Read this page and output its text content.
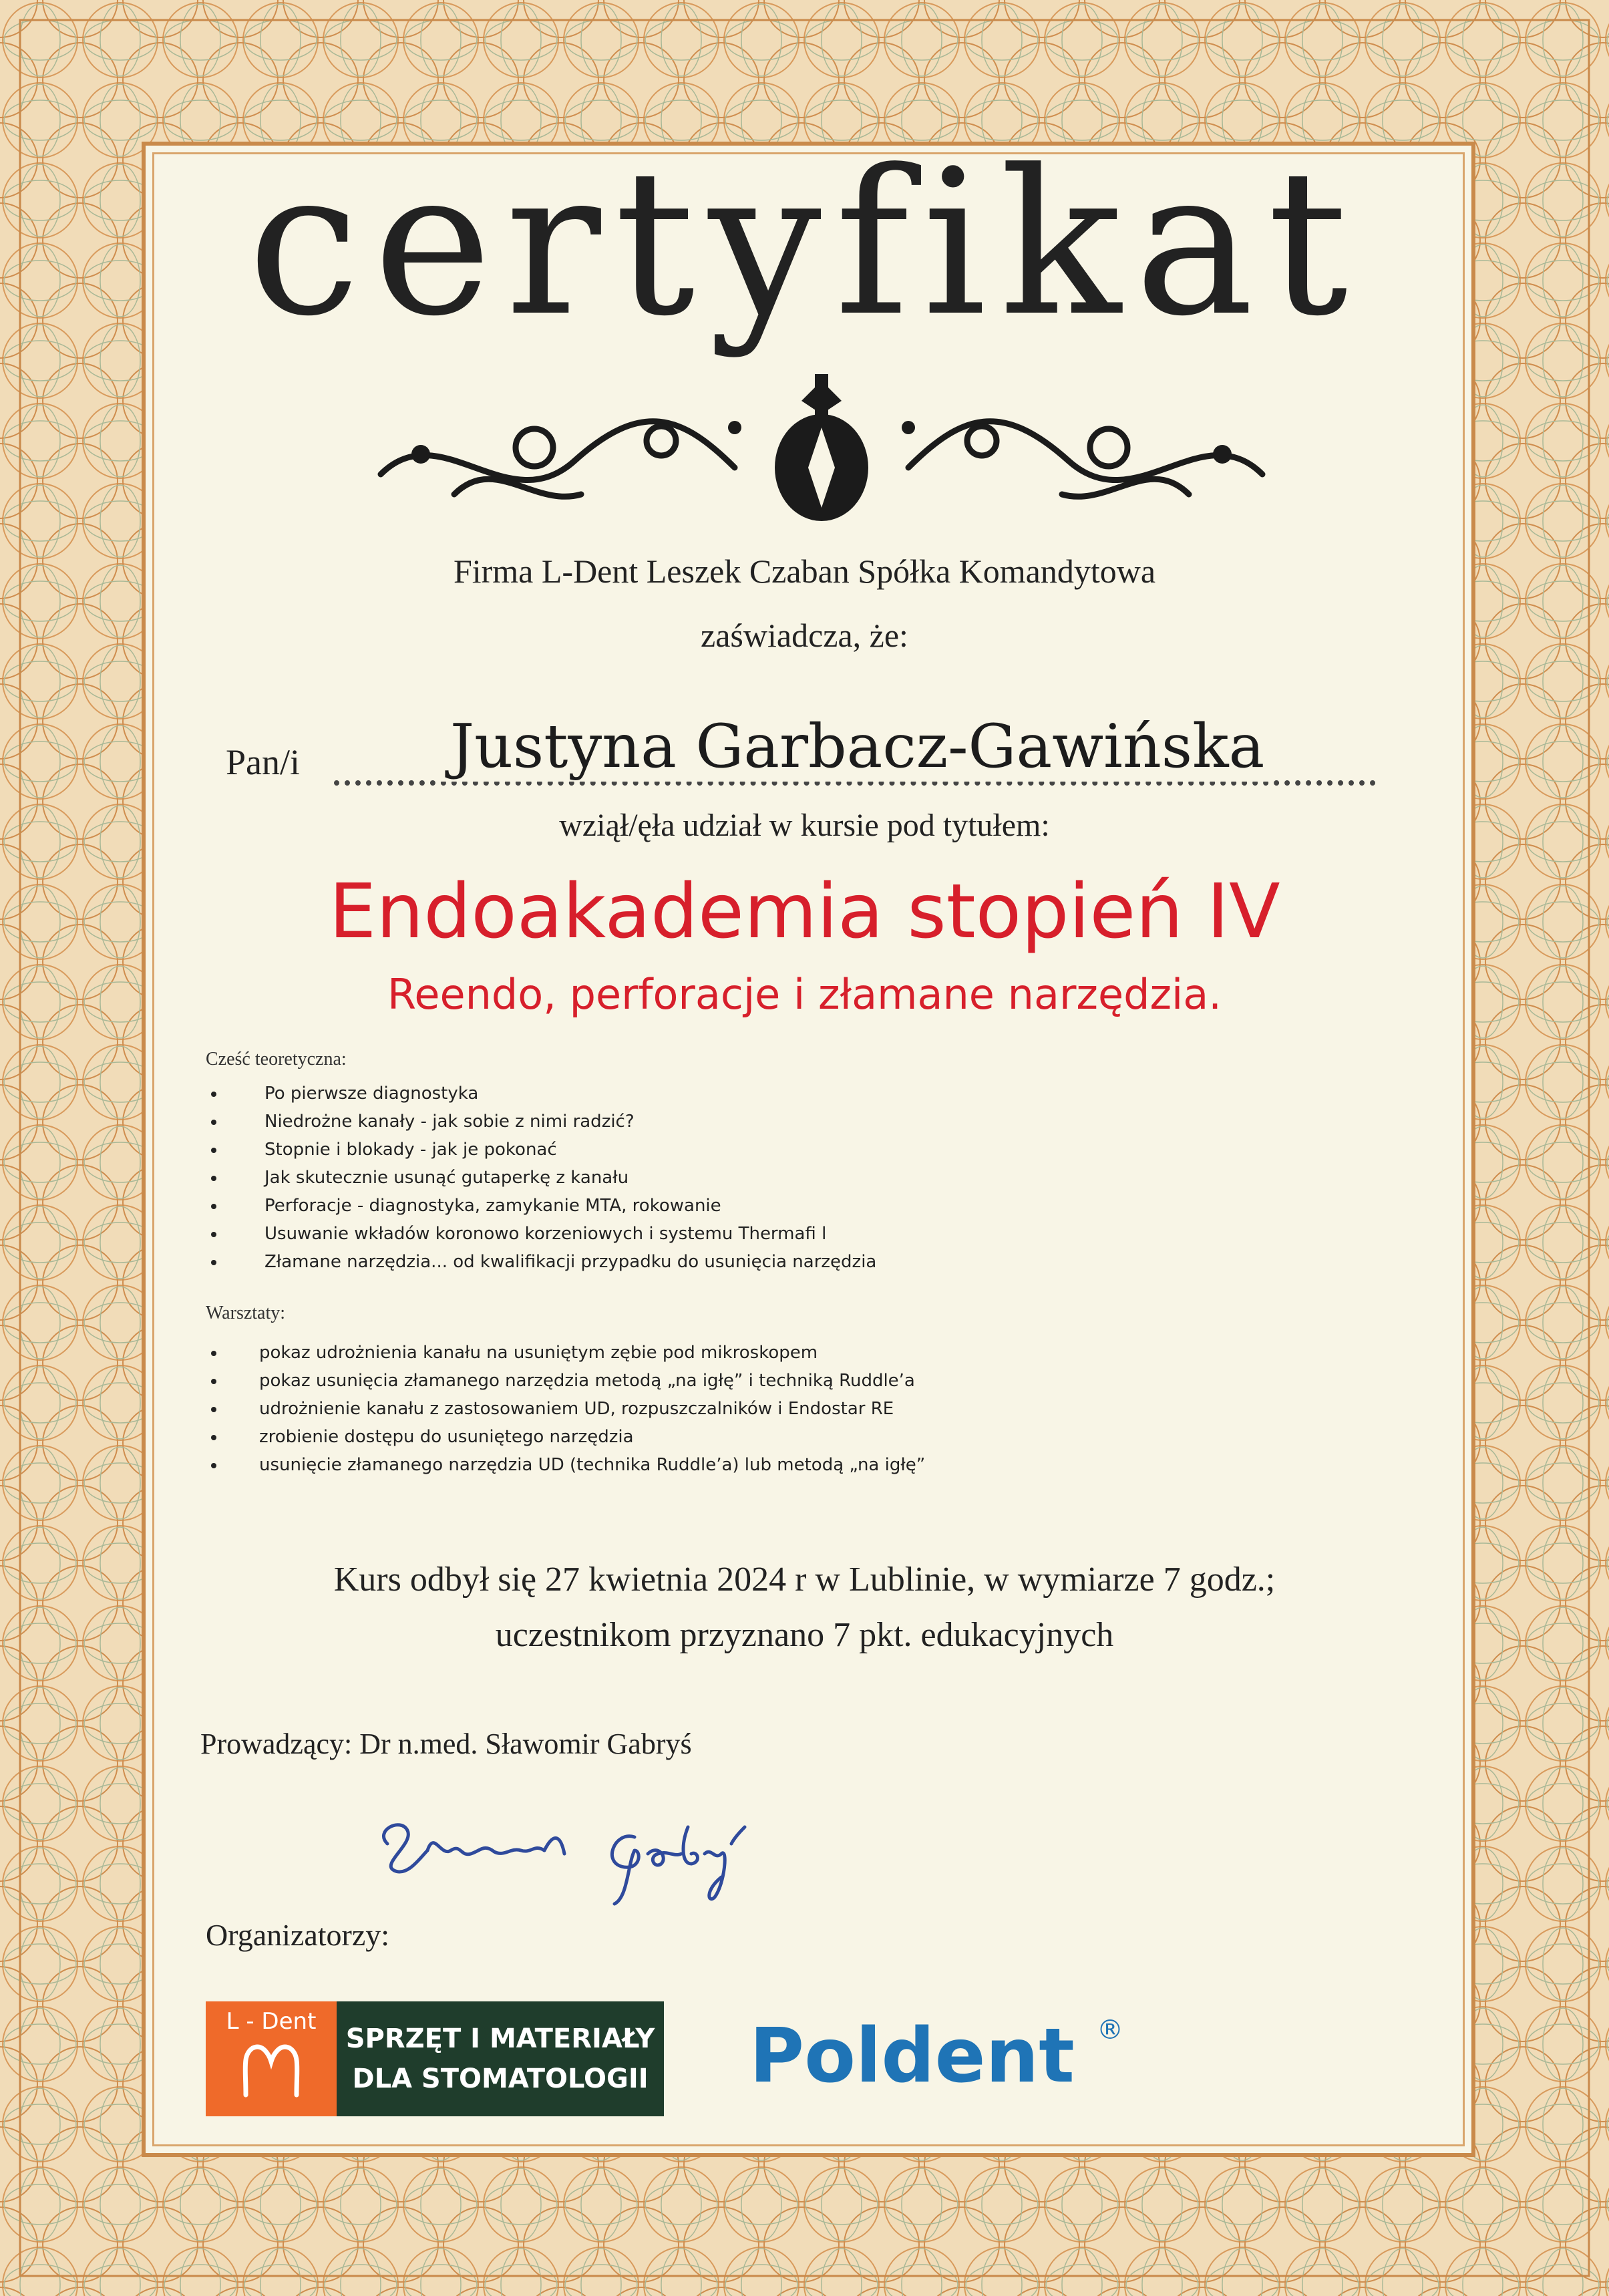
certyfikat
Firma L-Dent Leszek Czaban Spółka Komandytowa
zaświadcza, że:
Pan/i Justyna Garbacz-Gawińska
wziął/ęła udział w kursie pod tytułem:
Endoakademia stopień IV
Reendo, perforacje i złamane narzędzia.
Cześć teoretyczna:
Po pierwsze diagnostyka
Niedrożne kanały - jak sobie z nimi radzić?
Stopnie i blokady - jak je pokonać
Jak skutecznie usunąć gutaperkę z kanału
Perforacje - diagnostyka, zamykanie MTA, rokowanie
Usuwanie wkładów koronowo korzeniowych i systemu Thermafi l
Złamane narzędzia... od kwalifikacji przypadku do usunięcia narzędzia
Warsztaty:
pokaz udrożnienia kanału na usuniętym zębie pod mikroskopem
pokaz usunięcia złamanego narzędzia metodą „na igłę” i techniką Ruddle’a
udrożnienie kanału z zastosowaniem UD, rozpuszczalników i Endostar RE
zrobienie dostępu do usuniętego narzędzia
usunięcie złamanego narzędzia UD (technika Ruddle’a) lub metodą „na igłę”
Kurs odbył się 27 kwietnia 2024 r w Lublinie, w wymiarze 7 godz.;
uczestnikom przyznano 7 pkt. edukacyjnych
Prowadzący: Dr n.med. Sławomir Gabryś
Organizatorzy:
L - Dent
SPRZĘT I MATERIAŁY
DLA STOMATOLOGII Poldent ®
